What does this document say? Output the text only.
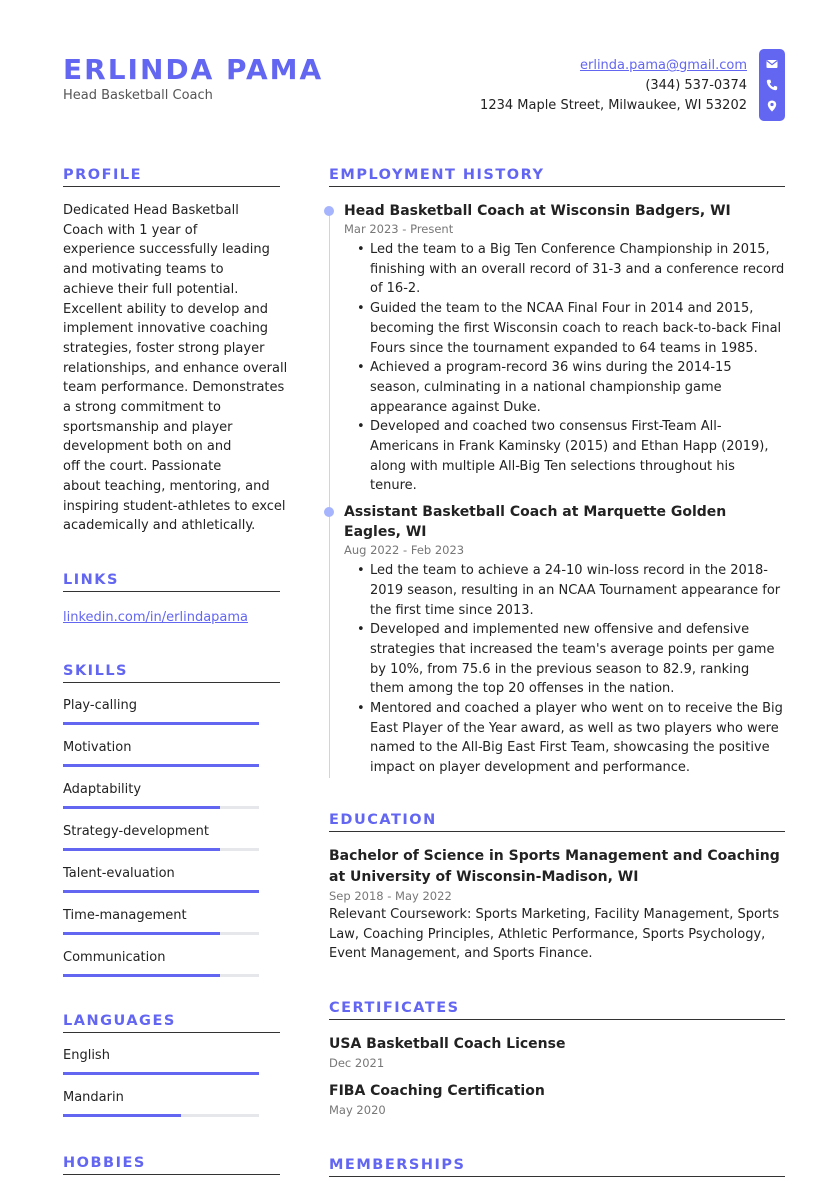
ERLINDA PAMA
Head Basketball Coach
erlinda.pama@gmail.com
(344) 537-0374
1234 Maple Street, Milwaukee, WI 53202
PROFILE
Dedicated Head Basketball
Coach with 1 year of
experience successfully leading
and motivating teams to
achieve their full potential.
Excellent ability to develop and
implement innovative coaching
strategies, foster strong player
relationships, and enhance overall
team performance. Demonstrates
a strong commitment to
sportsmanship and player
development both on and
off the court. Passionate
about teaching, mentoring, and
inspiring student-athletes to excel
academically and athletically.
LINKS
linkedin.com/in/erlindapama
SKILLS
Play-calling
Motivation
Adaptability
Strategy-development
Talent-evaluation
Time-management
Communication
LANGUAGES
English
Mandarin
HOBBIES
EMPLOYMENT HISTORY
Head Basketball Coach at Wisconsin Badgers, WI
Mar 2023 - Present
• Led the team to a Big Ten Conference Championship in 2015, finishing with an overall record of 31-3 and a conference record of 16-2.
• Guided the team to the NCAA Final Four in 2014 and 2015, becoming the first Wisconsin coach to reach back-to-back Final Fours since the tournament expanded to 64 teams in 1985.
• Achieved a program-record 36 wins during the 2014-15 season, culminating in a national championship game appearance against Duke.
• Developed and coached two consensus First-Team All-Americans in Frank Kaminsky (2015) and Ethan Happ (2019), along with multiple All-Big Ten selections throughout his tenure.
Assistant Basketball Coach at Marquette Golden Eagles, WI
Aug 2022 - Feb 2023
• Led the team to achieve a 24-10 win-loss record in the 2018-2019 season, resulting in an NCAA Tournament appearance for the first time since 2013.
• Developed and implemented new offensive and defensive strategies that increased the team's average points per game by 10%, from 75.6 in the previous season to 82.9, ranking them among the top 20 offenses in the nation.
• Mentored and coached a player who went on to receive the Big East Player of the Year award, as well as two players who were named to the All-Big East First Team, showcasing the positive impact on player development and performance.
EDUCATION
Bachelor of Science in Sports Management and Coaching at University of Wisconsin-Madison, WI
Sep 2018 - May 2022
Relevant Coursework: Sports Marketing, Facility Management, Sports Law, Coaching Principles, Athletic Performance, Sports Psychology, Event Management, and Sports Finance.
CERTIFICATES
USA Basketball Coach License
Dec 2021
FIBA Coaching Certification
May 2020
MEMBERSHIPS
